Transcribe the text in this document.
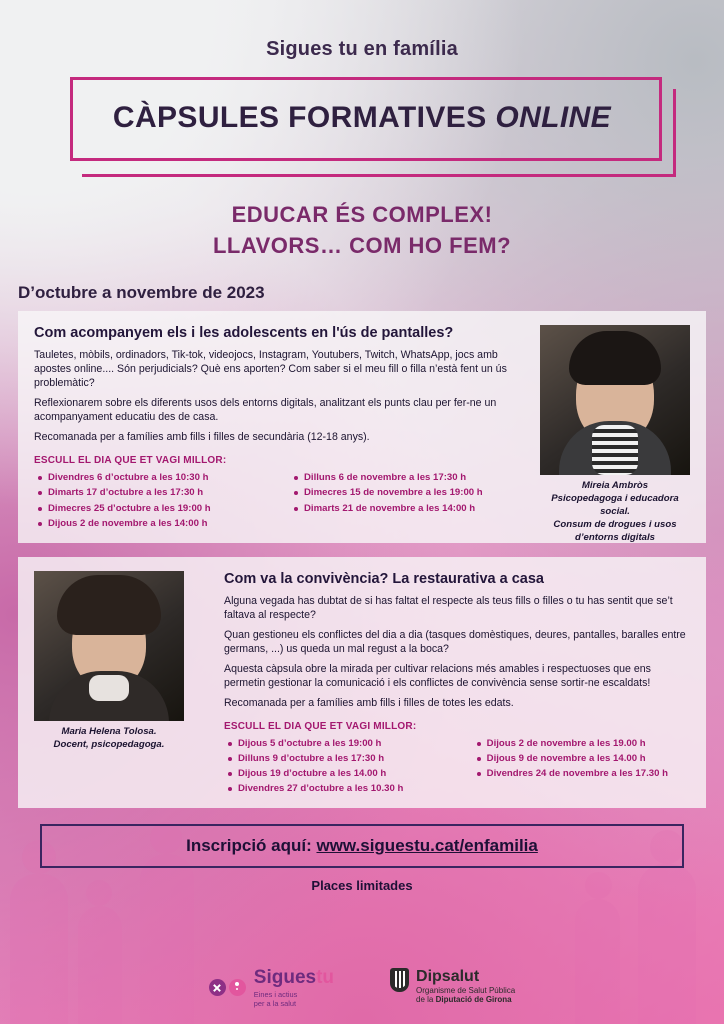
Sigues tu en família
CÀPSULES FORMATIVES ONLINE
EDUCAR ÉS COMPLEX!
LLAVORS… COM HO FEM?
D’octubre a novembre de 2023
Mireia Ambròs
Psicopedagoga i educadora social.
Consum de drogues i usos
d’entorns digitals
Com acompanyem els i les adolescents en l'ús de pantalles?

Tauletes, mòbils, ordinadors, Tik-tok, videojocs, Instagram, Youtubers, Twitch, WhatsApp, jocs amb apostes online.... Són perjudicials? Què ens aporten? Com saber si el meu fill o filla n’està fent un ús problemàtic?

Reflexionarem sobre els diferents usos dels entorns digitals, analitzant els punts clau per fer-ne un acompanyament educatiu des de casa.

Recomanada per a famílies amb fills i filles de secundària (12-18 anys).

ESCULL EL DIA QUE ET VAGI MILLOR:
Divendres 6 d’octubre a les 10:30 h
Dimarts 17 d’octubre a les 17:30 h
Dimecres 25 d’octubre a les 19:00 h
Dijous 2 de novembre a les 14:00 h
Dilluns 6 de novembre a les 17:30 h
Dimecres 15 de novembre a les 19:00 h
Dimarts 21 de novembre a les 14:00 h
Maria Helena Tolosa.
Docent, psicopedagoga.
Com va la convivència? La restaurativa a casa

Alguna vegada has dubtat de si has faltat el respecte als teus fills o filles o tu has sentit que se’t faltava al respecte?

Quan gestioneu els conflictes del dia a dia (tasques domèstiques, deures, pantalles, baralles entre germans, ...) us queda un mal regust a la boca?

Aquesta càpsula obre la mirada per cultivar relacions més amables i respectuoses que ens permetin gestionar la comunicació i els conflictes de convivència sense sortir-ne escaldats!

Recomanada per a famílies amb fills i filles de totes les edats.

ESCULL EL DIA QUE ET VAGI MILLOR:
Dijous 5 d’octubre a les 19:00 h
Dilluns 9 d’octubre a les 17:30 h
Dijous 19 d’octubre a les 14.00 h
Divendres 27 d’octubre a les 10.30 h
Dijous 2 de novembre a les 19.00 h
Dijous 9 de novembre a les 14.00 h
Divendres 24 de novembre a les 17.30 h
Inscripció aquí: www.siguestu.cat/enfamilia
Places limitades
Siguestu
Eines i actius
per a la salut
Dipsalut
Organisme de Salut Pública
de la Diputació de Girona
